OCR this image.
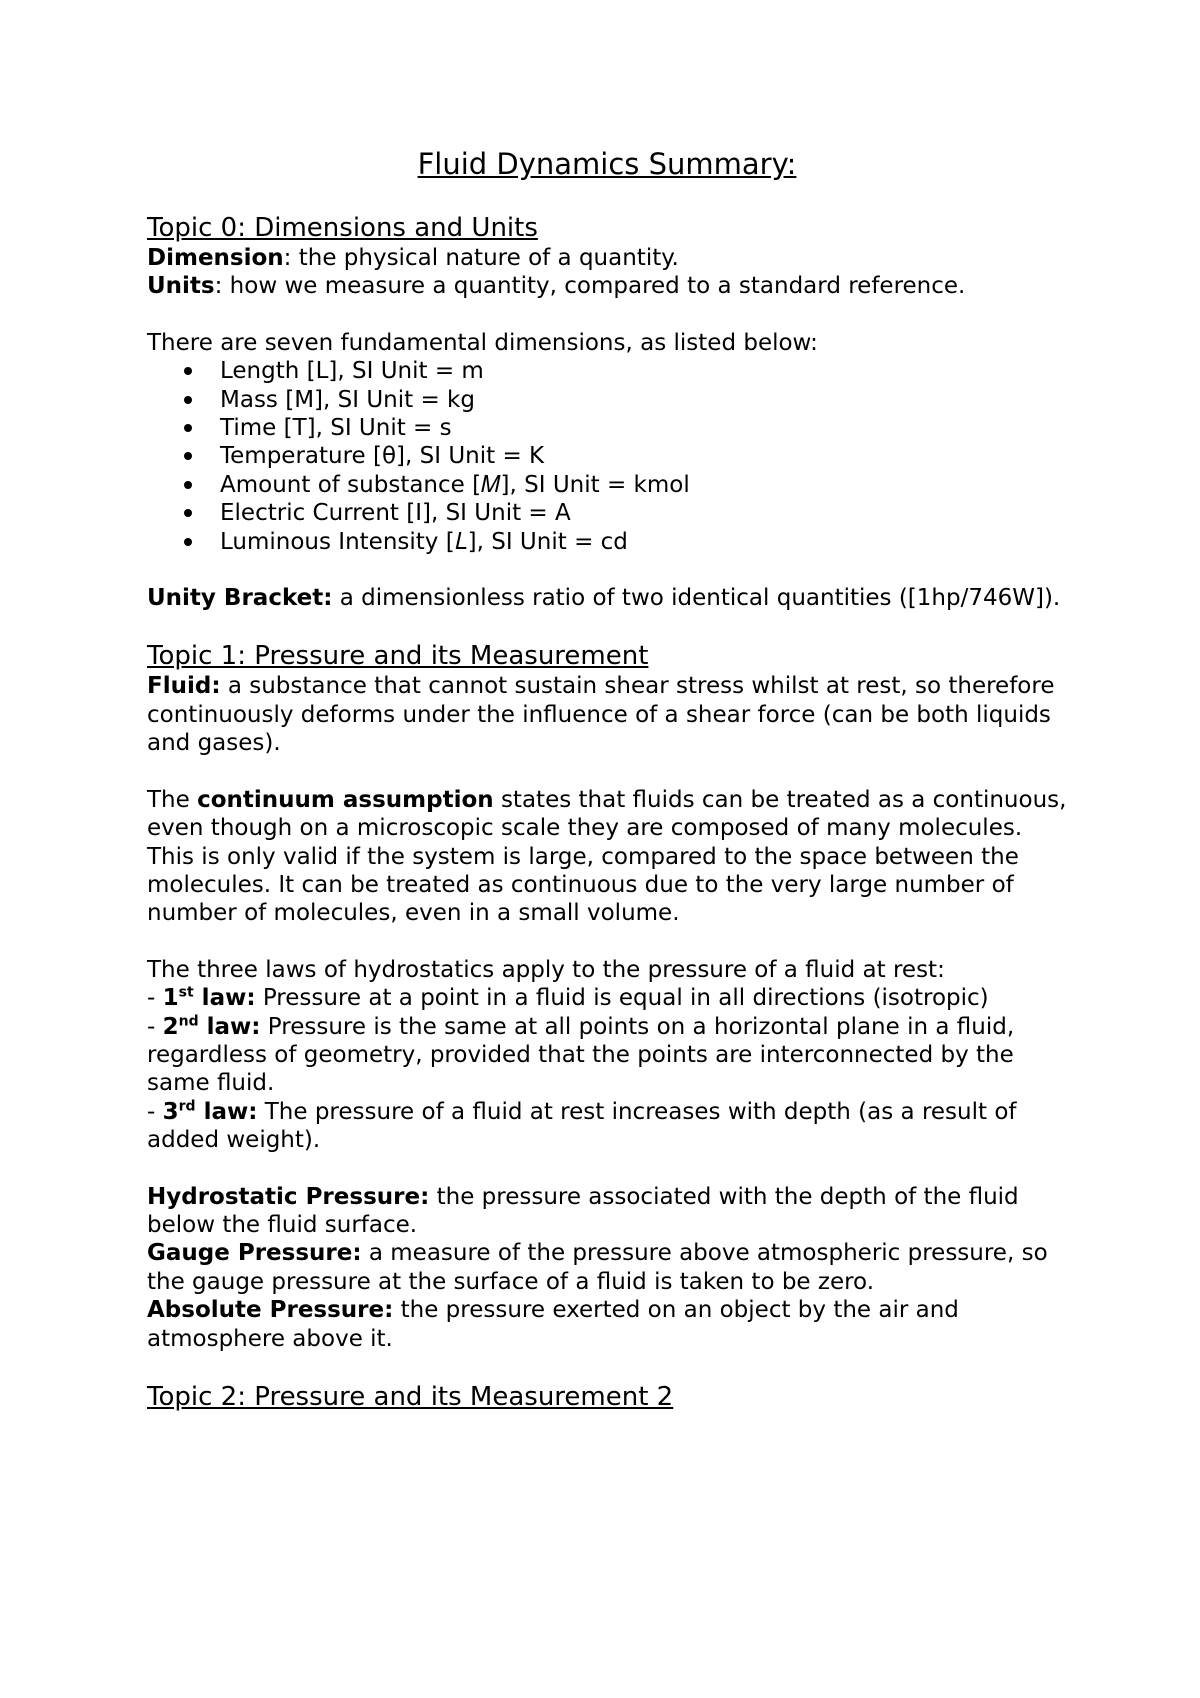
Fluid Dynamics Summary:
Topic 0: Dimensions and Units

Dimension: the physical nature of a quantity.

Units: how we measure a quantity, compared to a standard reference.

There are seven fundamental dimensions, as listed below:

Length [L], SI Unit = m
Mass [M], SI Unit = kg
Time [T], SI Unit = s
Temperature [θ], SI Unit = K
Amount of substance [𝑀], SI Unit = kmol
Electric Current [I], SI Unit = A
Luminous Intensity [𝐿], SI Unit = cd

Unity Bracket: a dimensionless ratio of two identical quantities ([1hp/746W]).

Topic 1: Pressure and its Measurement

Fluid: a substance that cannot sustain shear stress whilst at rest, so therefore continuously deforms under the influence of a shear force (can be both liquids and gases).

The continuum assumption states that fluids can be treated as a continuous, even though on a microscopic scale they are composed of many molecules. This is only valid if the system is large, compared to the space between the molecules. It can be treated as continuous due to the very large number of number of molecules, even in a small volume.

The three laws of hydrostatics apply to the pressure of a fluid at rest:

- 1st law: Pressure at a point in a fluid is equal in all directions (isotropic)

- 2nd law: Pressure is the same at all points on a horizontal plane in a fluid, regardless of geometry, provided that the points are interconnected by the same fluid.

- 3rd law: The pressure of a fluid at rest increases with depth (as a result of added weight).

Hydrostatic Pressure: the pressure associated with the depth of the fluid below the fluid surface.

Gauge Pressure: a measure of the pressure above atmospheric pressure, so the gauge pressure at the surface of a fluid is taken to be zero.

Absolute Pressure: the pressure exerted on an object by the air and atmosphere above it.

Topic 2: Pressure and its Measurement 2
